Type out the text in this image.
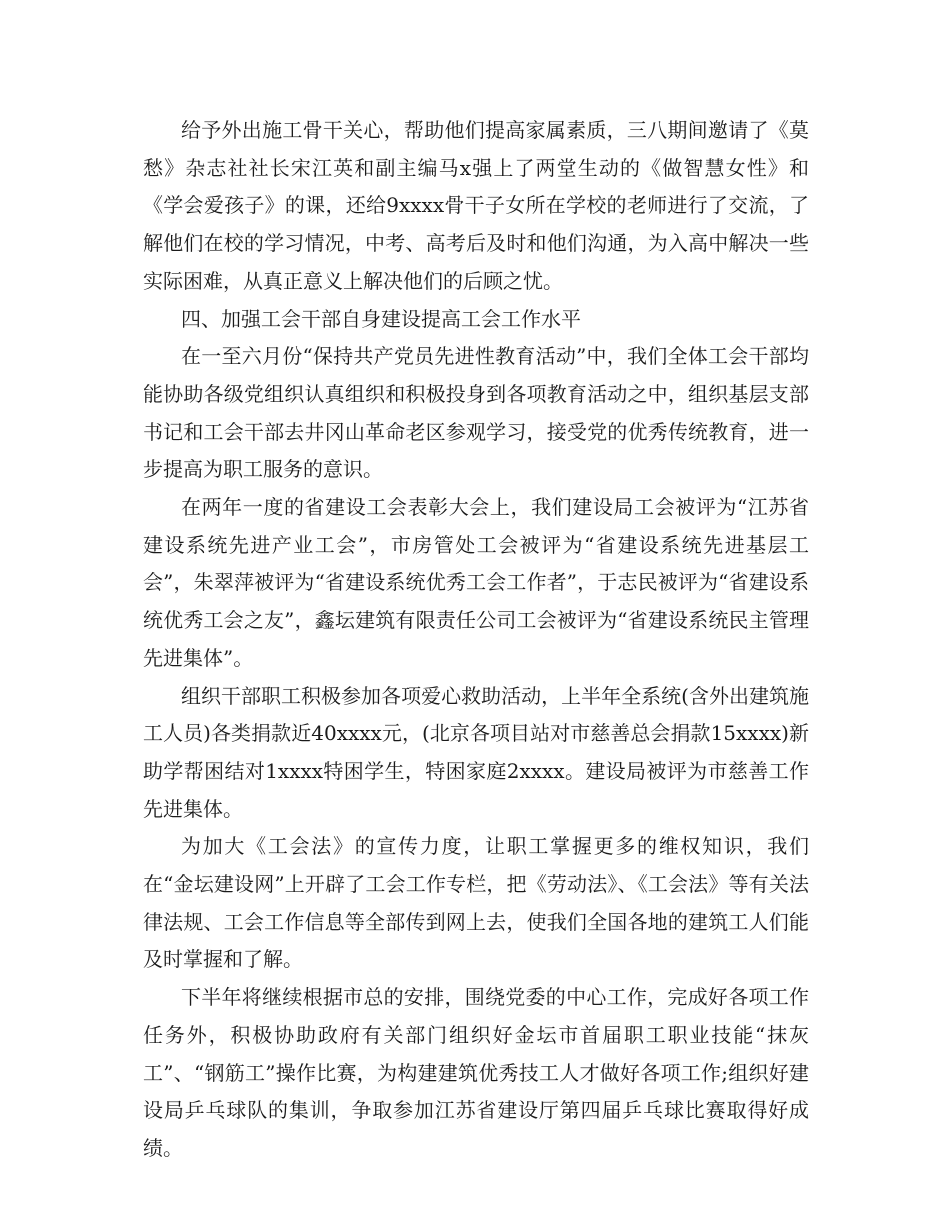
给予外出施工骨干关心，帮助他们提高家属素质，三八期间邀请了《莫愁》杂志社社长宋江英和副主编马x强上了两堂生动的《做智慧女性》和《学会爱孩子》的课，还给9xxxx骨干子女所在学校的老师进行了交流，了解他们在校的学习情况，中考、高考后及时和他们沟通，为入高中解决一些实际困难，从真正意义上解决他们的后顾之忧。

四、加强工会干部自身建设提高工会工作水平

在一至六月份“保持共产党员先进性教育活动”中，我们全体工会干部均能协助各级党组织认真组织和积极投身到各项教育活动之中，组织基层支部书记和工会干部去井冈山革命老区参观学习，接受党的优秀传统教育，进一步提高为职工服务的意识。

在两年一度的省建设工会表彰大会上，我们建设局工会被评为“江苏省建设系统先进产业工会”，市房管处工会被评为“省建设系统先进基层工会”，朱翠萍被评为“省建设系统优秀工会工作者”，于志民被评为“省建设系统优秀工会之友”，鑫坛建筑有限责任公司工会被评为“省建设系统民主管理先进集体”。

组织干部职工积极参加各项爱心救助活动，上半年全系统(含外出建筑施工人员)各类捐款近40xxxx元，(北京各项目站对市慈善总会捐款15xxxx)新助学帮困结对1xxxx特困学生，特困家庭2xxxx。建设局被评为市慈善工作先进集体。

为加大《工会法》的宣传力度，让职工掌握更多的维权知识，我们在“金坛建设网”上开辟了工会工作专栏，把《劳动法》、《工会法》等有关法律法规、工会工作信息等全部传到网上去，使我们全国各地的建筑工人们能及时掌握和了解。

下半年将继续根据市总的安排，围绕党委的中心工作，完成好各项工作任务外，积极协助政府有关部门组织好金坛市首届职工职业技能“抹灰工”、“钢筋工”操作比赛，为构建建筑优秀技工人才做好各项工作;组织好建设局乒乓球队的集训，争取参加江苏省建设厅第四届乒乓球比赛取得好成绩。
